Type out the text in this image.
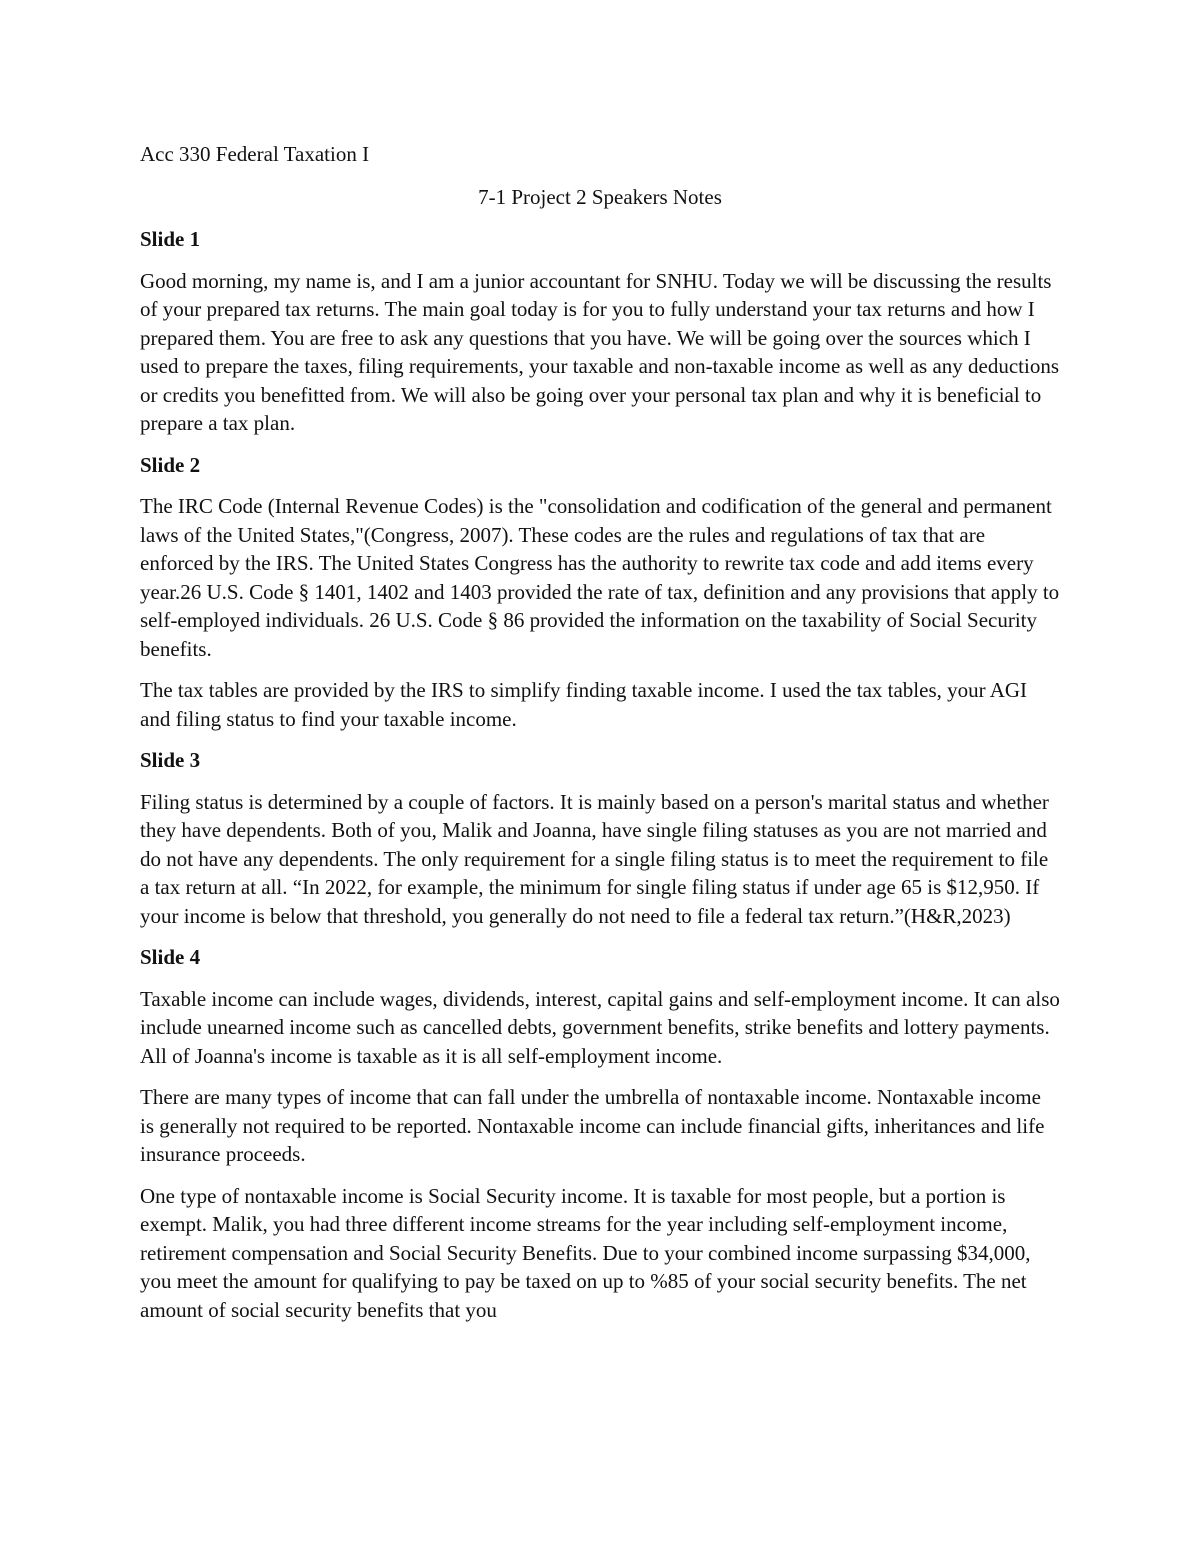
Acc 330 Federal Taxation I

7-1 Project 2 Speakers Notes

Slide 1

Good morning, my name is, and I am a junior accountant for SNHU. Today we will be discussing the results of your prepared tax returns. The main goal today is for you to fully understand your tax returns and how I prepared them. You are free to ask any questions that you have. We will be going over the sources which I used to prepare the taxes, filing requirements, your taxable and non-taxable income as well as any deductions or credits you benefitted from. We will also be going over your personal tax plan and why it is beneficial to prepare a tax plan.

Slide 2

The IRC Code (Internal Revenue Codes) is the "consolidation and codification of the general and permanent laws of the United States,"(Congress, 2007). These codes are the rules and regulations of tax that are enforced by the IRS. The United States Congress has the authority to rewrite tax code and add items every year.26 U.S. Code § 1401, 1402 and 1403 provided the rate of tax, definition and any provisions that apply to self-employed individuals. 26 U.S. Code § 86 provided the information on the taxability of Social Security benefits.

The tax tables are provided by the IRS to simplify finding taxable income. I used the tax tables, your AGI and filing status to find your taxable income.

Slide 3

Filing status is determined by a couple of factors. It is mainly based on a person's marital status and whether they have dependents. Both of you, Malik and Joanna, have single filing statuses as you are not married and do not have any dependents. The only requirement for a single filing status is to meet the requirement to file a tax return at all. “In 2022, for example, the minimum for single filing status if under age 65 is $12,950. If your income is below that threshold, you generally do not need to file a federal tax return.”(H&R,2023)

Slide 4

Taxable income can include wages, dividends, interest, capital gains and self-employment income. It can also include unearned income such as cancelled debts, government benefits, strike benefits and lottery payments. All of Joanna's income is taxable as it is all self-employment income.

There are many types of income that can fall under the umbrella of nontaxable income. Nontaxable income is generally not required to be reported. Nontaxable income can include financial gifts, inheritances and life insurance proceeds.

One type of nontaxable income is Social Security income. It is taxable for most people, but a portion is exempt. Malik, you had three different income streams for the year including self-employment income, retirement compensation and Social Security Benefits. Due to your combined income surpassing $34,000, you meet the amount for qualifying to pay be taxed on up to %85 of your social security benefits. The net amount of social security benefits that you
